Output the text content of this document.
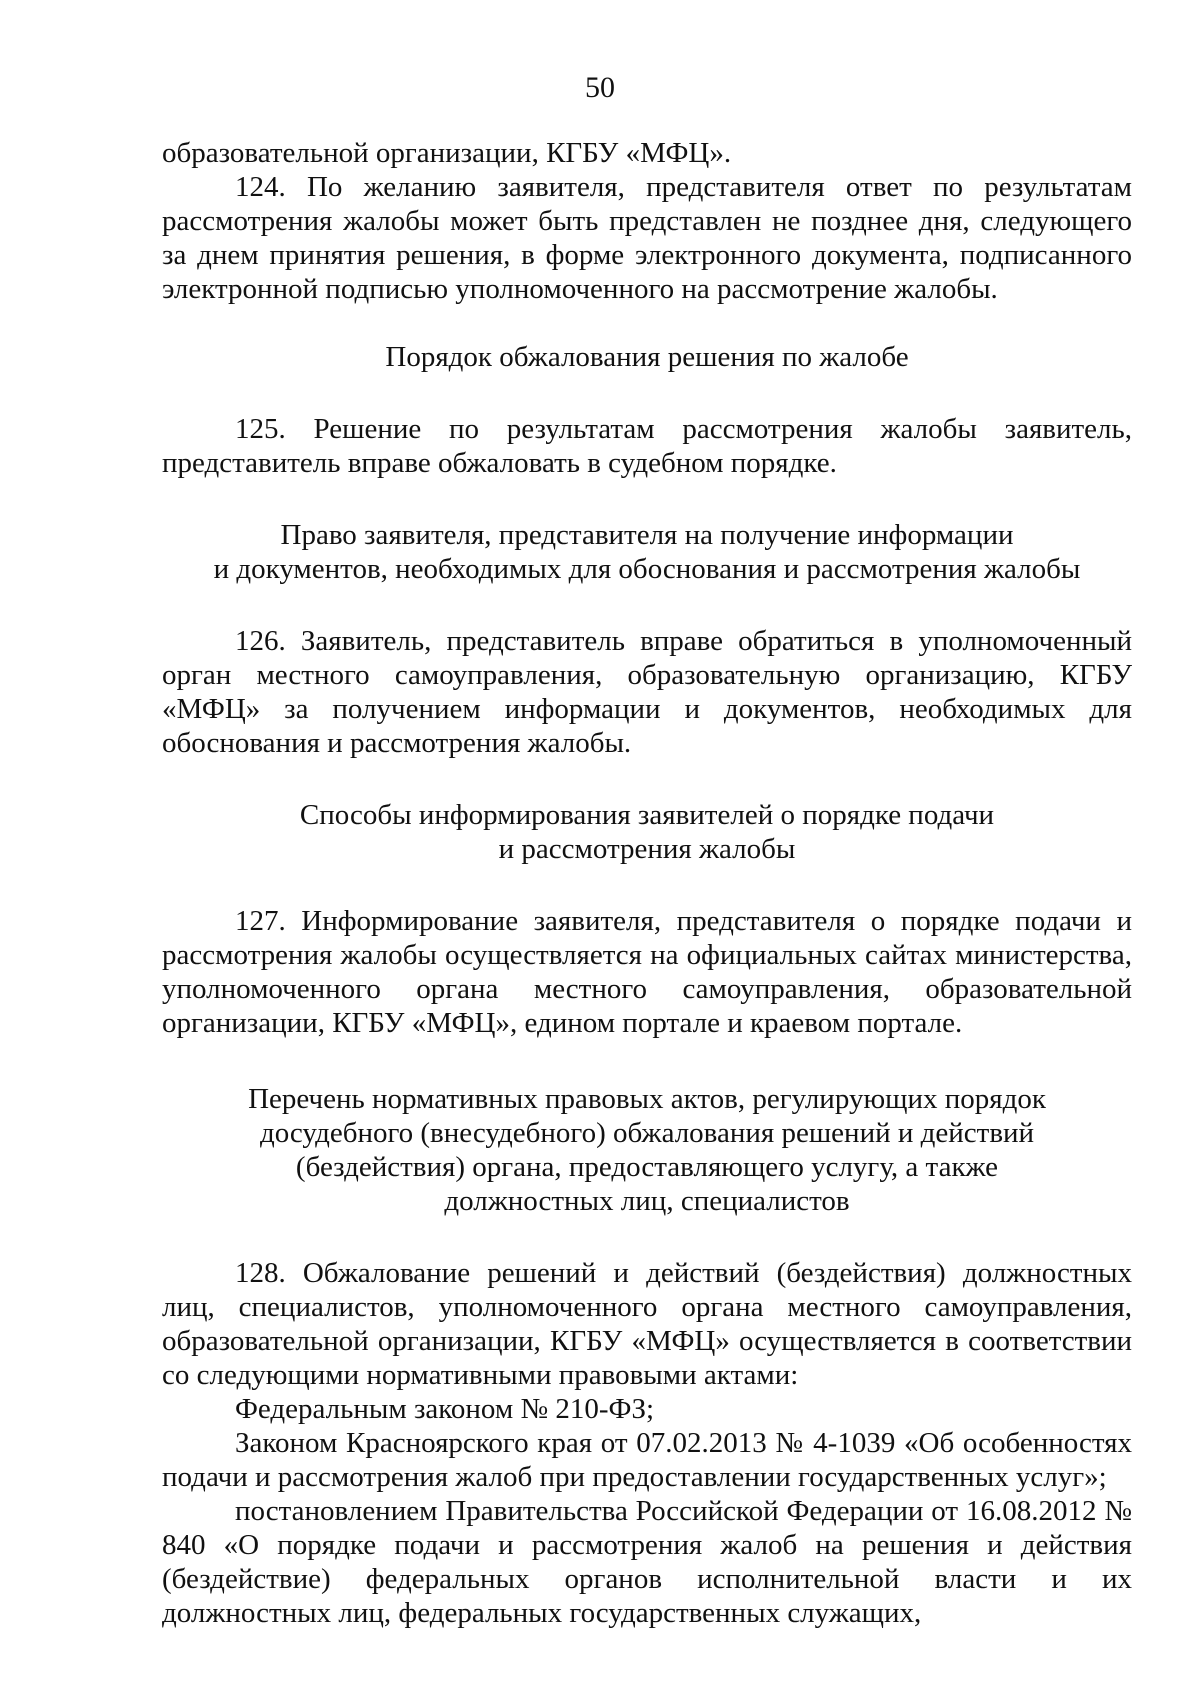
50

образовательной организации, КГБУ «МФЦ».

124. По желанию заявителя, представителя ответ по результатам рассмотрения жалобы может быть представлен не позднее дня, следующего за днем принятия решения, в форме электронного документа, подписанного электронной подписью уполномоченного на рассмотрение жалобы.

Порядок обжалования решения по жалобе

125. Решение по результатам рассмотрения жалобы заявитель, представитель вправе обжаловать в судебном порядке.

Право заявителя, представителя на получение информации

и документов, необходимых для обоснования и рассмотрения жалобы

126. Заявитель, представитель вправе обратиться в уполномоченный орган местного самоуправления, образовательную организацию, КГБУ «МФЦ» за получением информации и документов, необходимых для обоснования и рассмотрения жалобы.

Способы информирования заявителей о порядке подачи

и рассмотрения жалобы

127. Информирование заявителя, представителя о порядке подачи и рассмотрения жалобы осуществляется на официальных сайтах министерства, уполномоченного органа местного самоуправления, образовательной организации, КГБУ «МФЦ», едином портале и краевом портале.

Перечень нормативных правовых актов, регулирующих порядок

досудебного (внесудебного) обжалования решений и действий

(бездействия) органа, предоставляющего услугу, а также

должностных лиц, специалистов

128. Обжалование решений и действий (бездействия) должностных лиц, специалистов, уполномоченного органа местного самоуправления, образовательной организации, КГБУ «МФЦ» осуществляется в соответствии со следующими нормативными правовыми актами:

Федеральным законом № 210-ФЗ;

Законом Красноярского края от 07.02.2013 № 4-1039 «Об особенностях подачи и рассмотрения жалоб при предоставлении государственных услуг»;

постановлением Правительства Российской Федерации от 16.08.2012 № 840 «О порядке подачи и рассмотрения жалоб на решения и действия (бездействие) федеральных органов исполнительной власти и их должностных лиц, федеральных государственных служащих,
